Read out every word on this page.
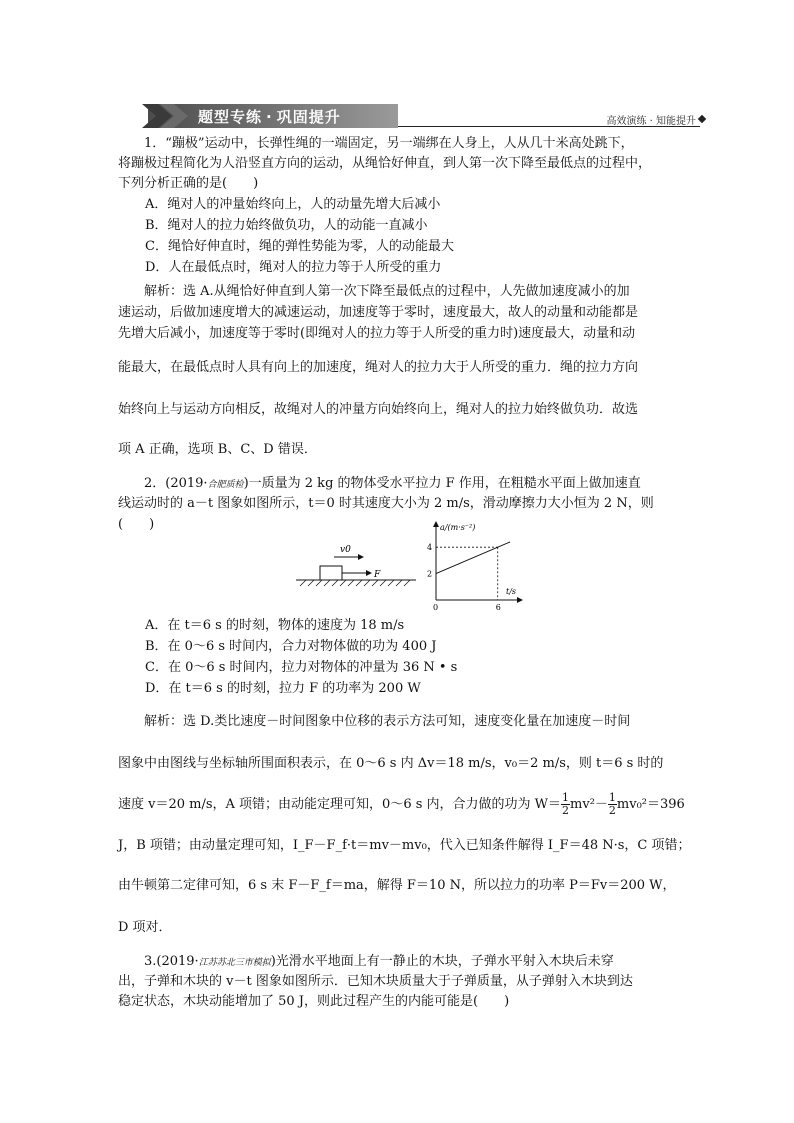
题型专练 · 巩固提升	高效演练 · 知能提升

1．“蹦极”运动中，长弹性绳的一端固定，另一端绑在人身上，人从几十米高处跳下，

将蹦极过程简化为人沿竖直方向的运动，从绳恰好伸直，到人第一次下降至最低点的过程中，

下列分析正确的是(　　)

A．绳对人的冲量始终向上，人的动量先增大后减小

B．绳对人的拉力始终做负功，人的动能一直减小

C．绳恰好伸直时，绳的弹性势能为零，人的动能最大

D．人在最低点时，绳对人的拉力等于人所受的重力

解析：选 A.从绳恰好伸直到人第一次下降至最低点的过程中，人先做加速度减小的加

速运动，后做加速度增大的减速运动，加速度等于零时，速度最大，故人的动量和动能都是

先增大后减小，加速度等于零时(即绳对人的拉力等于人所受的重力时)速度最大，动量和动

能最大，在最低点时人具有向上的加速度，绳对人的拉力大于人所受的重力．绳的拉力方向

始终向上与运动方向相反，故绳对人的冲量方向始终向上，绳对人的拉力始终做负功．故选

项 A 正确，选项 B、C、D 错误．

2．(2019·合肥质检)一质量为 2 kg 的物体受水平拉力 F 作用，在粗糙水平面上做加速直

线运动时的 a－t 图象如图所示，t＝0 时其速度大小为 2 m/s，滑动摩擦力大小恒为 2 N，则(　　)

v0
F
a/(m·s⁻²)
t/s
0
4
2
6

A．在 t＝6 s 的时刻，物体的速度为 18 m/s

B．在 0～6 s 时间内，合力对物体做的功为 400 J

C．在 0～6 s 时间内，拉力对物体的冲量为 36 N • s

D．在 t＝6 s 的时刻，拉力 F 的功率为 200 W

解析：选 D.类比速度－时间图象中位移的表示方法可知，速度变化量在加速度－时间

图象中由图线与坐标轴所围面积表示，在 0～6 s 内 Δv＝18 m/s，v₀＝2 m/s，则 t＝6 s 时的

速度 v＝20 m/s，A 项错；由动能定理可知，0～6 s 内，合力做的功为 $W= \frac{1}{2} mv^2- \frac{1}{2} mv_0^2=396$

J，B 项错；由动量定理可知，I_F－F_f·t＝mv－mv₀，代入已知条件解得 I_F＝48 N·s，C 项错；

由牛顿第二定律可知，6 s 末 F－F_f＝ma，解得 F＝10 N，所以拉力的功率 P＝Fv＝200 W，

D 项对．

3.(2019·江苏苏北三市模拟)光滑水平地面上有一静止的木块，子弹水平射入木块后未穿

出，子弹和木块的 v－t 图象如图所示．已知木块质量大于子弹质量，从子弹射入木块到达

稳定状态，木块动能增加了 50 J，则此过程产生的内能可能是(　　)
